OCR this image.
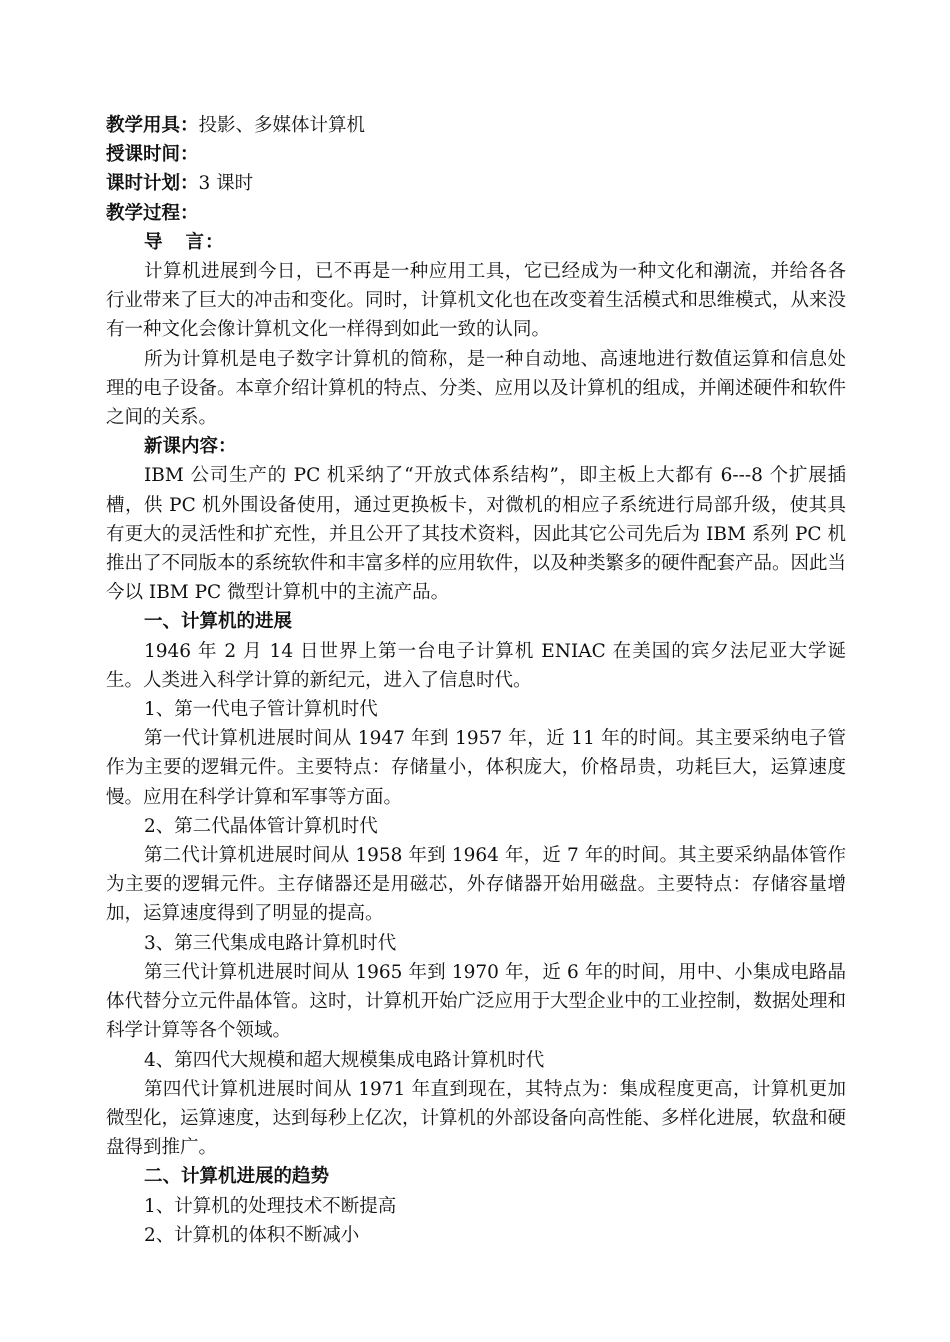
教学用具：投影、多媒体计算机
授课时间：
课时计划：3 课时
教学过程：
导 言：
计算机进展到今日，已不再是一种应用工具，它已经成为一种文化和潮流，并给各各行业带来了巨大的冲击和变化。同时，计算机文化也在改变着生活模式和思维模式，从来没有一种文化会像计算机文化一样得到如此一致的认同。
所为计算机是电子数字计算机的简称，是一种自动地、高速地进行数值运算和信息处理的电子设备。本章介绍计算机的特点、分类、应用以及计算机的组成，并阐述硬件和软件之间的关系。
新课内容：
IBM 公司生产的 PC 机采纳了“开放式体系结构”，即主板上大都有 6---8 个扩展插槽，供 PC 机外围设备使用，通过更换板卡，对微机的相应子系统进行局部升级，使其具有更大的灵活性和扩充性，并且公开了其技术资料，因此其它公司先后为 IBM 系列 PC 机推出了不同版本的系统软件和丰富多样的应用软件，以及种类繁多的硬件配套产品。因此当今以 IBM PC 微型计算机中的主流产品。
一、计算机的进展
1946 年 2 月 14 日世界上第一台电子计算机 ENIAC 在美国的宾夕法尼亚大学诞生。人类进入科学计算的新纪元，进入了信息时代。
1、第一代电子管计算机时代
第一代计算机进展时间从 1947 年到 1957 年，近 11 年的时间。其主要采纳电子管作为主要的逻辑元件。主要特点：存储量小，体积庞大，价格昂贵，功耗巨大，运算速度慢。应用在科学计算和军事等方面。
2、第二代晶体管计算机时代
第二代计算机进展时间从 1958 年到 1964 年，近 7 年的时间。其主要采纳晶体管作为主要的逻辑元件。主存储器还是用磁芯，外存储器开始用磁盘。主要特点：存储容量增加，运算速度得到了明显的提高。
3、第三代集成电路计算机时代
第三代计算机进展时间从 1965 年到 1970 年，近 6 年的时间，用中、小集成电路晶体代替分立元件晶体管。这时，计算机开始广泛应用于大型企业中的工业控制，数据处理和科学计算等各个领域。
4、第四代大规模和超大规模集成电路计算机时代
第四代计算机进展时间从 1971 年直到现在，其特点为：集成程度更高，计算机更加微型化，运算速度，达到每秒上亿次，计算机的外部设备向高性能、多样化进展，软盘和硬盘得到推广。
二、计算机进展的趋势
1、计算机的处理技术不断提高
2、计算机的体积不断减小
